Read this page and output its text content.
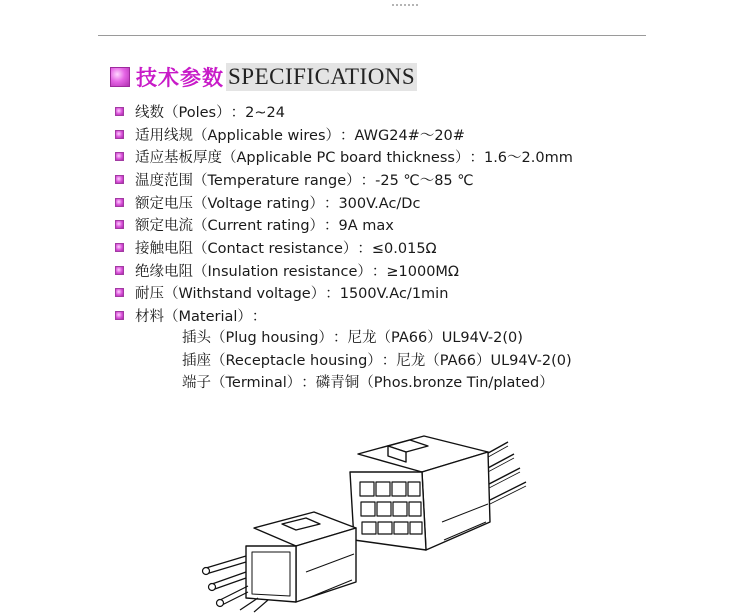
技术参数 SPECIFICATIONS
线数（Poles） ：2~24
适用线规（Applicable wires） ：AWG24#～20#
适应基板厚度（Applicable PC board thickness） ：1.6～2.0mm
温度范围（Temperature range） ：-25 ℃～85 ℃
额定电压（Voltage rating） ：300V.Ac/Dc
额定电流（Current rating） ：9A max
接触电阻（Contact resistance） ：≤0.015Ω
绝缘电阻（Insulation resistance） ：≥1000MΩ
耐压（Withstand voltage） ：1500V.Ac/1min
材料（Material） ：
插头（Plug housing） ：尼龙（PA66）UL94V-2(0)
插座（Receptacle housing） ：尼龙（PA66）UL94V-2(0)
端子（Terminal） ：磷青铜（Phos.bronze Tin/plated）
